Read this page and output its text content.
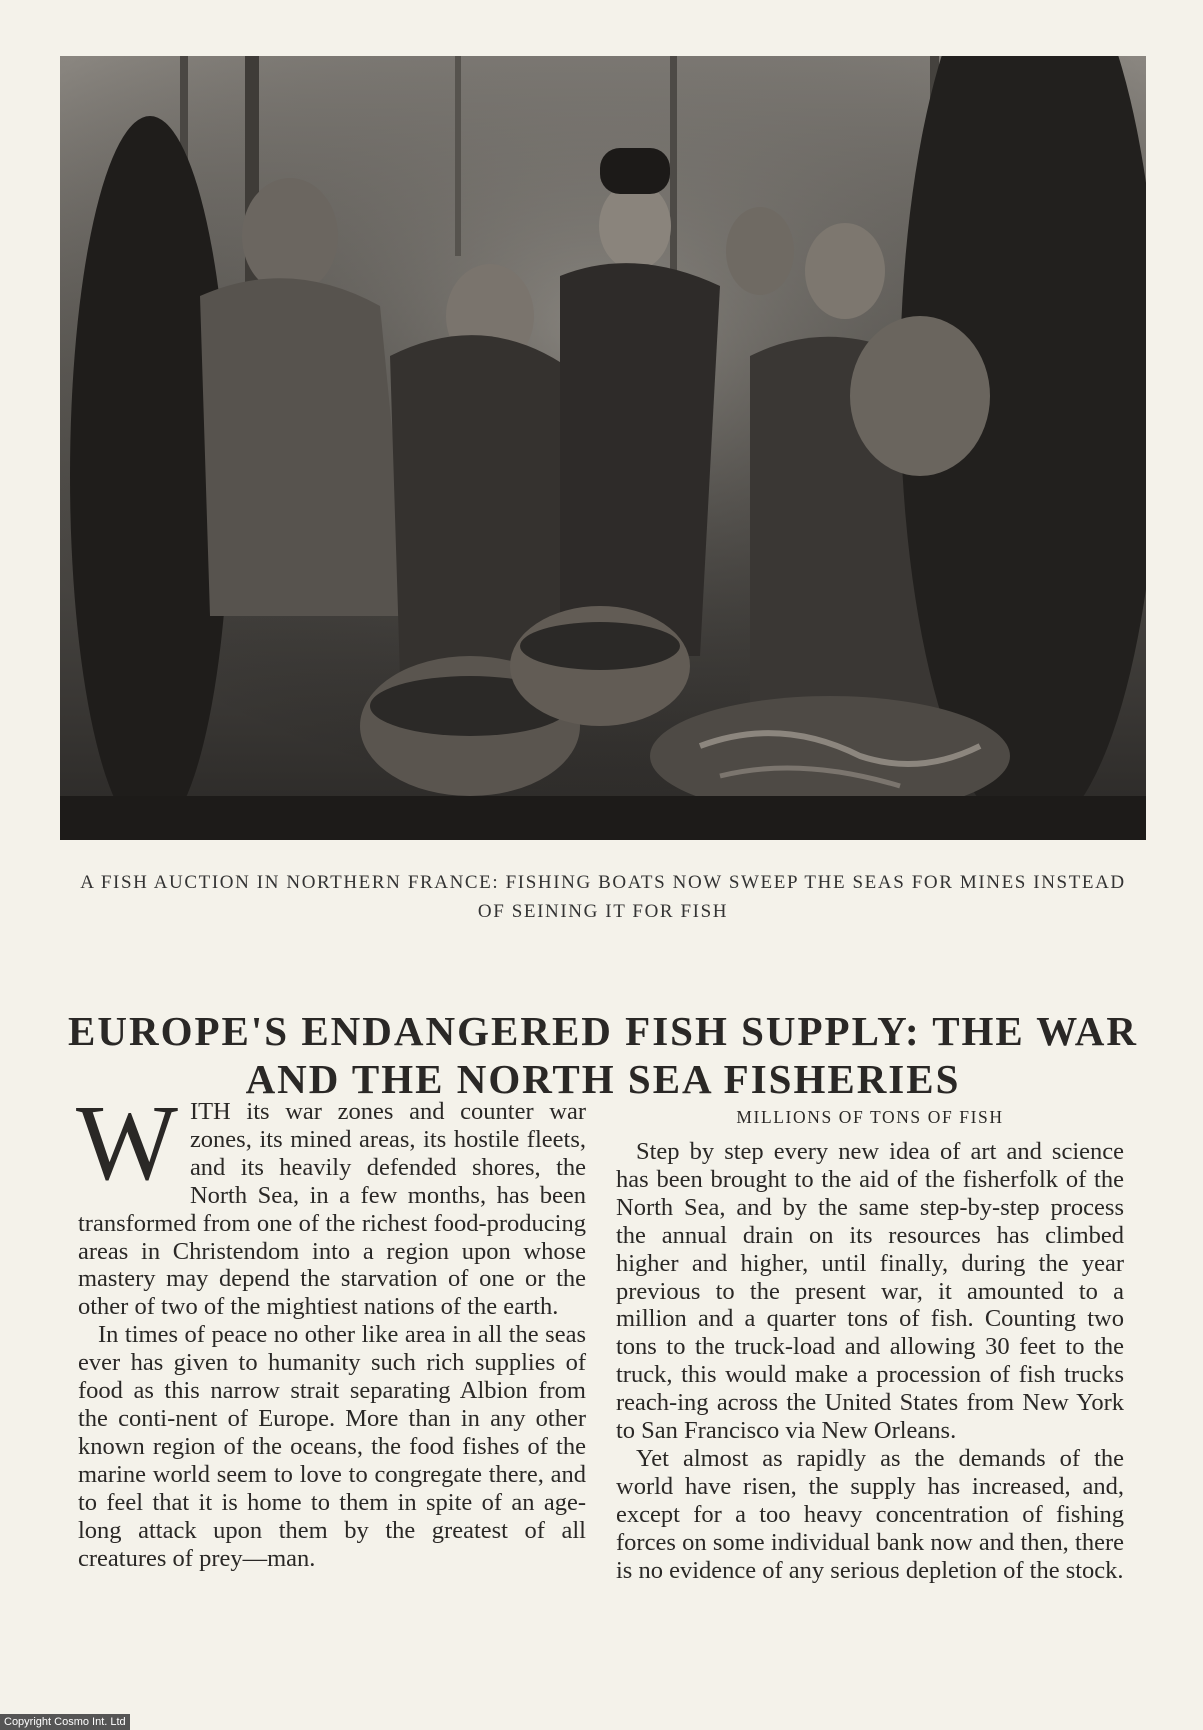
A FISH AUCTION IN NORTHERN FRANCE: FISHING BOATS NOW SWEEP THE SEAS FOR MINES INSTEAD OF SEINING IT FOR FISH
EUROPE'S ENDANGERED FISH SUPPLY: THE WAR AND THE NORTH SEA FISHERIES

WITH its war zones and counter war zones, its mined areas, its hostile fleets, and its heavily defended shores, the North Sea, in a few months, has been transformed from one of the richest food-producing areas in Christendom into a region upon whose mastery may depend the starvation of one or the other of two of the mightiest nations of the earth.

In times of peace no other like area in all the seas ever has given to humanity such rich supplies of food as this narrow strait separating Albion from the conti-nent of Europe. More than in any other known region of the oceans, the food fishes of the marine world seem to love to congregate there, and to feel that it is home to them in spite of an age-long attack upon them by the greatest of all creatures of prey—man.

MILLIONS OF TONS OF FISH

Step by step every new idea of art and science has been brought to the aid of the fisherfolk of the North Sea, and by the same step-by-step process the annual drain on its resources has climbed higher and higher, until finally, during the year previous to the present war, it amounted to a million and a quarter tons of fish. Counting two tons to the truck-load and allowing 30 feet to the truck, this would make a procession of fish trucks reach-ing across the United States from New York to San Francisco via New Orleans.

Yet almost as rapidly as the demands of the world have risen, the supply has increased, and, except for a too heavy concentration of fishing forces on some individual bank now and then, there is no evidence of any serious depletion of the stock.

Copyright Cosmo Int. Ltd
